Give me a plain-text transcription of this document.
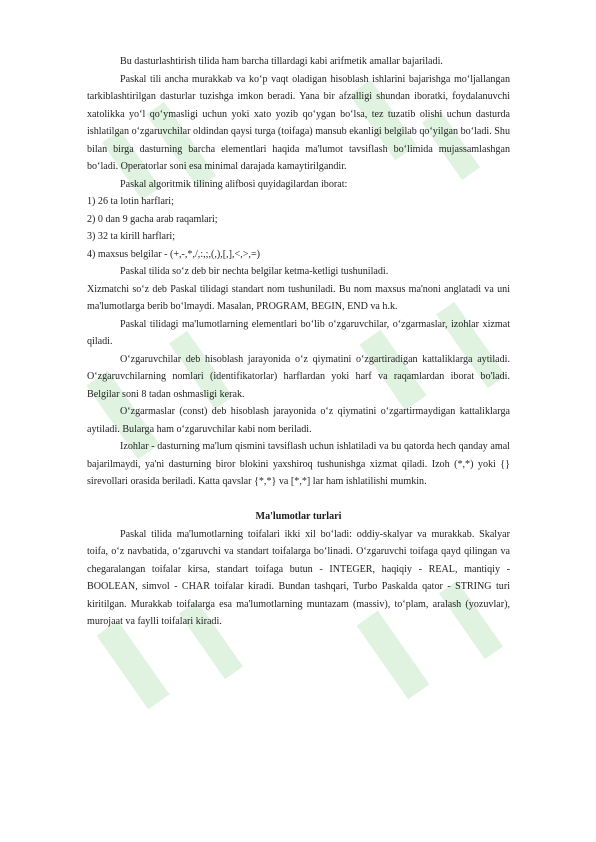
Bu dasturlashtirish tilida ham barcha tillardagi kabi arifmetik amallar bajariladi.

Paskal tili ancha murakkab va ko‘p vaqt oladigan hisoblash ishlarini bajarishga mo‘ljallangan tarkiblashtirilgan dasturlar tuzishga imkon beradi. Yana bir afzalligi shundan iboratki, foydalanuvchi xatolikka yo‘l qo‘ymasligi uchun yoki xato yozib qo‘ygan bo‘lsa, tez tuzatib olishi uchun dasturda ishlatilgan o‘zgaruvchilar oldindan qaysi turga (toifaga) mansub ekanligi belgilab qo‘yilgan bo‘ladi. Shu bilan birga dasturning barcha elementlari haqida ma'lumot tavsiflash bo‘limida mujassamlashgan bo‘ladi. Operatorlar soni esa minimal darajada kamaytirilgandir.

Paskal algoritmik tilining alifbosi quyidagilardan iborat:

1) 26 ta lotin harflari;

2) 0 dan 9 gacha arab raqamlari;

3) 32 ta kirill harflari;

4) maxsus belgilar - (+,-,*,/,:,;,(,),[,],<,>,=)

Paskal tilida so‘z deb bir nechta belgilar ketma-ketligi tushuniladi.

Xizmatchi so‘z deb Paskal tilidagi standart nom tushuniladi. Bu nom maxsus ma'noni anglatadi va uni ma'lumotlarga berib bo‘lmaydi. Masalan, PROGRAM, BEGIN, END va h.k.

Paskal tilidagi ma'lumotlarning elementlari bo‘lib o‘zgaruvchilar, o‘zgarmaslar, izohlar xizmat qiladi.

O‘zgaruvchilar deb hisoblash jarayonida o‘z qiymatini o‘zgartiradigan kattaliklarga aytiladi. O‘zgaruvchilarning nomlari (identifikatorlar) harflardan yoki harf va raqamlardan iborat bo'ladi. Belgilar soni 8 tadan oshmasligi kerak.

O‘zgarmaslar (const) deb hisoblash jarayonida o‘z qiymatini o‘zgartirmaydigan kattaliklarga aytiladi. Bularga ham o‘zgaruvchilar kabi nom beriladi.

Izohlar - dasturning ma'lum qismini tavsiflash uchun ishlatiladi va bu qatorda hech qanday amal bajarilmaydi, ya'ni dasturning biror blokini yaxshiroq tushunishga xizmat qiladi. Izoh (*,*) yoki {} sirevollari orasida beriladi. Katta qavslar {*,*} va [*,*] lar ham ishlatilishi mumkin.

Ma'lumotlar turlari

Paskal tilida ma'lumotlarning toifalari ikki xil bo‘ladi: oddiy-skalyar va murakkab. Skalyar toifa, o‘z navbatida, o‘zgaruvchi va standart toifalarga bo‘linadi. O‘zgaruvchi toifaga qayd qilingan va chegaralangan toifalar kirsa, standart toifaga butun - INTEGER, haqiqiy - REAL, mantiqiy - BOOLEAN, simvol - CHAR toifalar kiradi. Bundan tashqari, Turbo Paskalda qator - STRING turi kiritilgan. Murakkab toifalarga esa ma'lumotlarning muntazam (massiv), to‘plam, aralash (yozuvlar), murojaat va faylli toifalari kiradi.
